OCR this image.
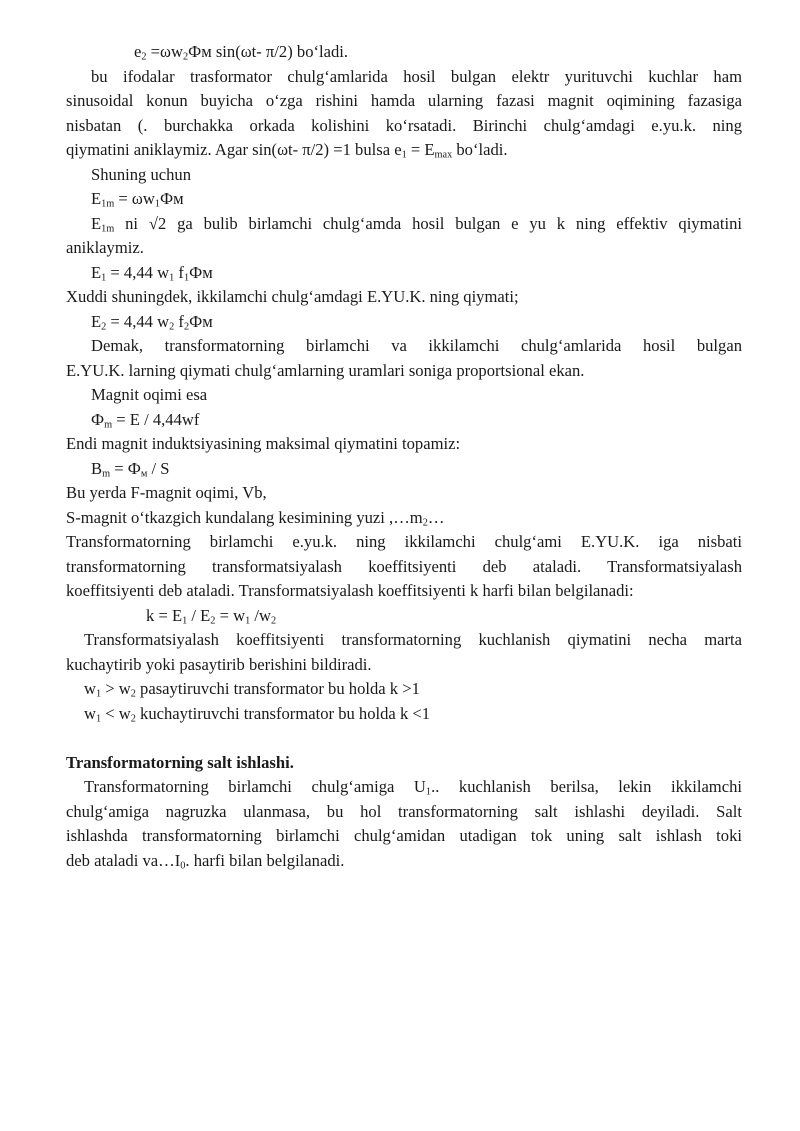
$e_2 =\omega w_2Фм$ sin(ωt- π/2) boʻladi.
bu ifodalar trasformator chulgʻamlarida hosil bulgan elektr yurituvchi kuchlar ham
sinusoidal konun buyicha oʻzga rishini hamda ularning fazasi magnit oqimining fazasiga
nisbatan (. burchakka orkada kolishini koʻrsatadi. Birinchi chulgʻamdagi e.yu.k. ning
qiymatini aniklaymiz. Agar sin(ωt- π/2) =1 bulsa $e_1 = E_{max}$ boʻladi.
Shuning uchun
$E_{1m} = \omega w_1Фм$
$E_{1m}$ ni √2 ga bulib birlamchi chulgʻamda hosil bulgan e yu k ning effektiv qiymatini
aniklaymiz.
$E_1 = 4,44$ $w_1$ $f_1Фм$
Xuddi shuningdek, ikkilamchi chulgʻamdagi E.YU.K. ning qiymati;
$E_2 = 4,44$ $w_2$ $f_2Фм$
Demak, transformatorning birlamchi va ikkilamchi chulgʻamlarida hosil bulgan
E.YU.K. larning qiymati chulgʻamlarning uramlari soniga proportsional ekan.
Magnit oqimi esa
$Ф_m = E / 4,44wf$
Endi magnit induktsiyasining maksimal qiymatini topamiz:
$B_m = Ф_м / S$
Bu yerda F-magnit oqimi, Vb,
S-magnit oʻtkazgich kundalang kesimining yuzi $,\dots m_2\dots$
Transformatorning birlamchi e.yu.k. ning ikkilamchi chulgʻami E.YU.K. iga nisbati
transformatorning transformatsiyalash koeffitsiyenti deb ataladi. Transformatsiyalash
koeffitsiyenti deb ataladi. Transformatsiyalash koeffitsiyenti k harfi bilan belgilanadi:
$k = E_1 / E_2 = w_1$ $/w_2$
Transformatsiyalash koeffitsiyenti transformatorning kuchlanish qiymatini necha marta
kuchaytirib yoki pasaytirib berishini bildiradi.
$w_1 > w_2$ pasaytiruvchi transformator bu holda k >1
$w_1 < w_2$ kuchaytiruvchi transformator bu holda k <1
Transformatorning salt ishlashi.
Transformatorning birlamchi chulgʻamiga $U_1$.. kuchlanish berilsa, lekin ikkilamchi
chulgʻamiga nagruzka ulanmasa, bu hol transformatorning salt ishlashi deyiladi. Salt
ishlashda transformatorning birlamchi chulgʻamidan utadigan tok uning salt ishlash toki
deb ataladi $va\dots I_0$. harfi bilan belgilanadi.
